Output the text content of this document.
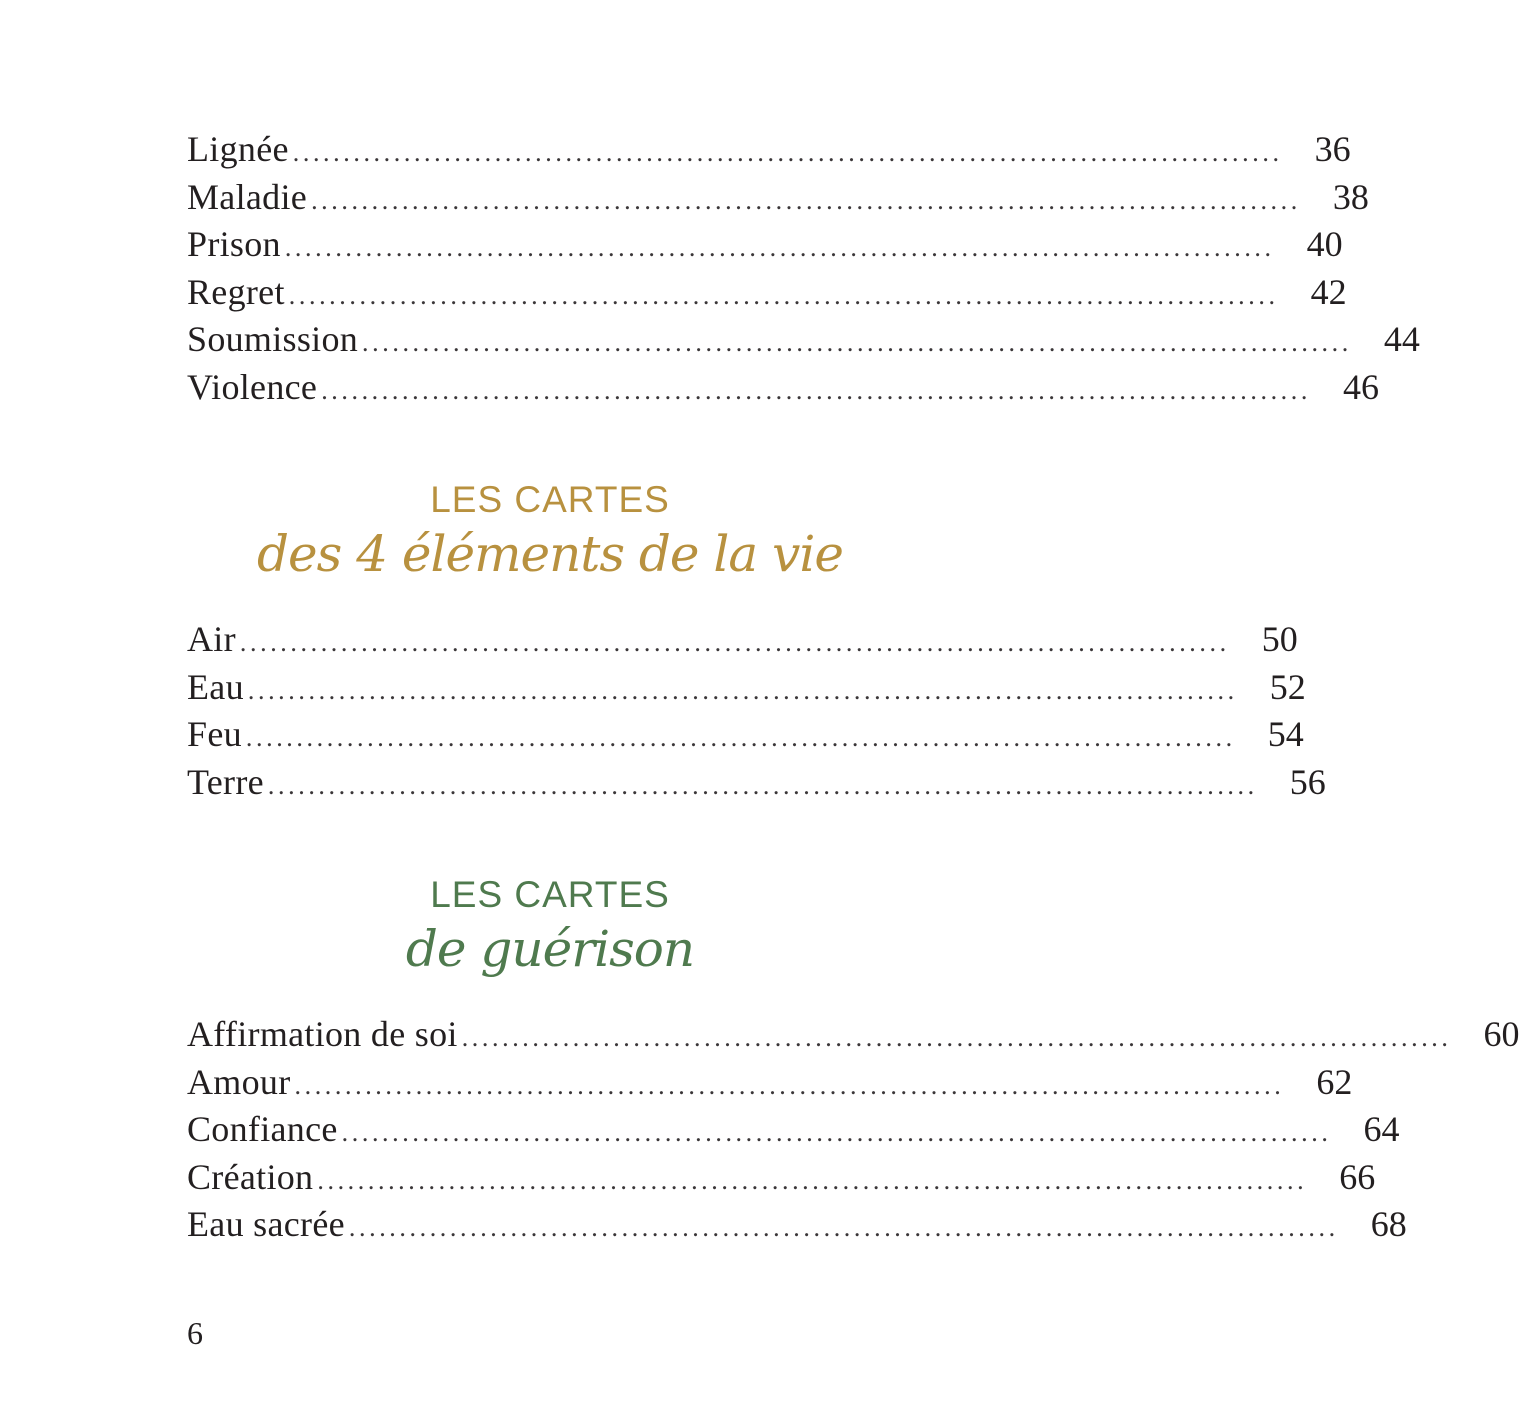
Lignée .................................................................................................. 36
Maladie .................................................................................................. 38
Prison .................................................................................................. 40
Regret .................................................................................................. 42
Soumission .................................................................................................. 44
Violence .................................................................................................. 46
LES CARTES
des 4 éléments de la vie
Air .................................................................................................. 50
Eau .................................................................................................. 52
Feu .................................................................................................. 54
Terre .................................................................................................. 56
LES CARTES
de guérison
Affirmation de soi .................................................................................................. 60
Amour .................................................................................................. 62
Confiance .................................................................................................. 64
Création .................................................................................................. 66
Eau sacrée .................................................................................................. 68
6
